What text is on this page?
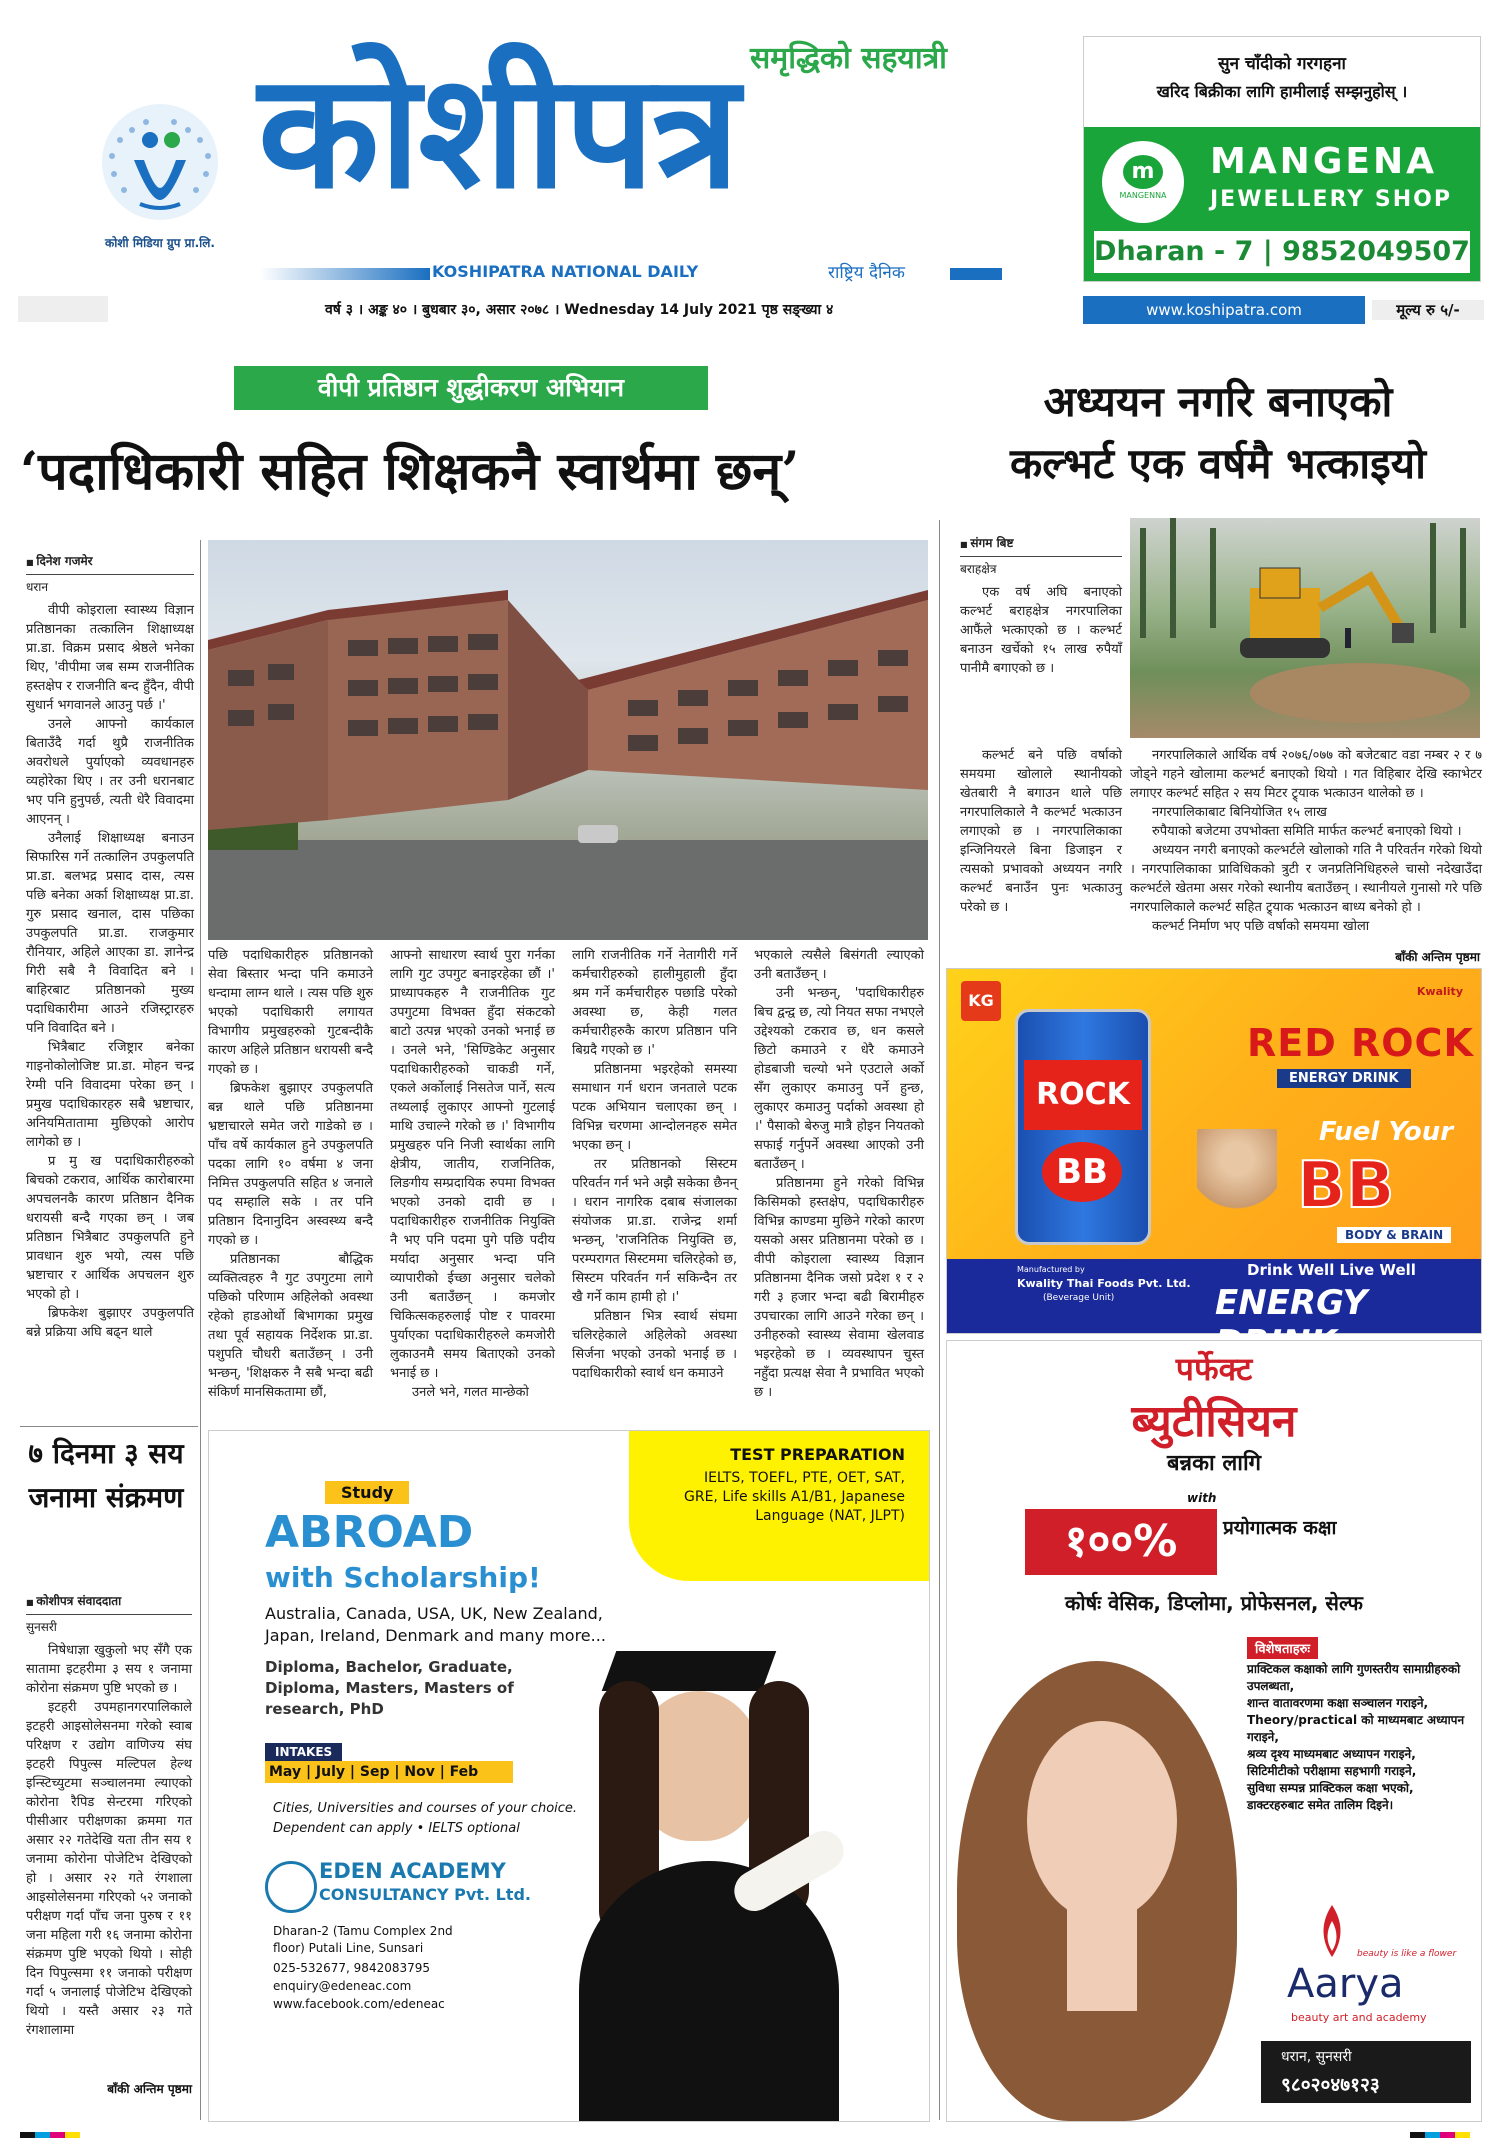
कोशी मिडिया ग्रुप प्रा.लि.
समृद्धिको सहयात्री
कोशीपत्र
KOSHIPATRA NATIONAL DAILY	राष्ट्रिय दैनिक
सुन चाँदीको गरगहना
खरिद बिक्रीका लागि हामीलाई सम्झनुहोस् ।
m
MANGENNA
MANGENA
JEWELLERY SHOP
Dharan - 7 | 9852049507
वर्ष ३ । अङ्क ४० । बुधबार ३०, असार २०७८ । Wednesday 14 July 2021 पृष्ठ सङ्ख्या ४	www.koshipatra.com	मूल्य रु ५/-
वीपी प्रतिष्ठान शुद्धीकरण अभियान
‘पदाधिकारी सहित शिक्षकनै स्वार्थमा छन्’
■ दिनेश गजमेर
धरान

वीपी कोइराला स्वास्थ्य विज्ञान प्रतिष्ठानका तत्कालिन शिक्षाध्यक्ष प्रा.डा. विक्रम प्रसाद श्रेष्ठले भनेका थिए, 'वीपीमा जब सम्म राजनीतिक हस्तक्षेप र राजनीति बन्द हुँदैन, वीपी सुधार्न भगवानले आउनु पर्छ ।'

उनले आफ्नो कार्यकाल बिताउँदै गर्दा थुप्रै राजनीतिक अवरोधले पुर्याएको व्यवधानहरु व्यहोरेका थिए । तर उनी धरानबाट भए पनि हुनुपर्छ, त्यती धेरै विवादमा आएनन् ।

उनैलाई शिक्षाध्यक्ष बनाउन सिफारिस गर्ने तत्कालिन उपकुलपति प्रा.डा. बलभद्र प्रसाद दास, त्यस पछि बनेका अर्का शिक्षाध्यक्ष प्रा.डा. गुरु प्रसाद खनाल, दास पछिका उपकुलपति प्रा.डा. राजकुमार रौनियार, अहिले आएका डा. ज्ञानेन्द्र गिरी सबै नै विवादित बने । बाहिरबाट प्रतिष्ठानको मुख्य पदाधिकारीमा आउने रजिस्ट्रारहरु पनि विवादित बने ।

भित्रैबाट रजिष्ट्रार बनेका गाइनोकोलोजिष्ट प्रा.डा. मोहन चन्द्र रेग्मी पनि विवादमा परेका छन् । प्रमुख पदाधिकारहरु सबै भ्रष्टाचार, अनियमितातामा मुछिएको आरोप लागेको छ ।

प्र मु ख पदाधिकारीहरुको बिचको टकराव, आर्थिक कारोबारमा अपचलनकै कारण प्रतिष्ठान दैनिक धरायसी बन्दै गएका छन् । जब प्रतिष्ठान भित्रैबाट उपकुलपति हुने प्रावधान शुरु भयो, त्यस पछि भ्रष्टाचार र आर्थिक अपचलन शुरु भएको हो ।

ब्रिफकेश बुझाएर उपकुलपति बन्ने प्रक्रिया अघि बढ्न थाले

पछि पदाधिकारीहरु प्रतिष्ठानको सेवा बिस्तार भन्दा पनि कमाउने धन्दामा लाग्न थाले । त्यस पछि शुरु भएको पदाधिकारी लगायत विभागीय प्रमुखहरुको गुटबन्दीकै कारण अहिले प्रतिष्ठान धरायसी बन्दै गएको छ ।

ब्रिफकेश बुझाएर उपकुलपति बन्न थाले पछि प्रतिष्ठानमा भ्रष्टाचारले समेत जरो गाडेको छ । पाँच वर्षे कार्यकाल हुने उपकुलपति पदका लागि १० वर्षमा ४ जना निमित्त उपकुलपति सहित ४ जनाले पद सम्हालि सके । तर पनि प्रतिष्ठान दिनानुदिन अस्वस्थ्य बन्दै गएको छ ।

प्रतिष्ठानका बौद्धिक व्यक्तित्वहरु नै गुट उपगुटमा लागे पछिको परिणाम अहिलेको अवस्था रहेको हाडओर्थो बिभागका प्रमुख तथा पूर्व सहायक निर्देशक प्रा.डा. पशुपति चौधरी बताउँछन् । उनी भन्छन्, 'शिक्षकरु नै सबै भन्दा बढी संकिर्ण मानसिकतामा छौं,

आफ्नो साधारण स्वार्थ पुरा गर्नका लागि गुट उपगुट बनाइरहेका छौं ।' प्राध्यापकहरु नै राजनीतिक गुट उपगुटमा विभक्त हुँदा संकटको बाटो उत्पन्न भएको उनको भनाई छ । उनले भने, 'सिण्डिकेट अनुसार पदाधिकारीहरुको चाकडी गर्ने, एकले अर्कोलाई निसतेज पार्ने, सत्य तथ्यलाई लुकाएर आफ्नो गुटलाई माथि उचाल्ने गरेको छ ।' विभागीय प्रमुखहरु पनि निजी स्वार्थका लागि क्षेत्रीय, जातीय, राजनितिक, लिङगीय सम्प्रदायिक रुपमा विभक्त भएको उनको दावी छ । पदाधिकारीहरु राजनीतिक नियुक्ति नै भए पनि पदमा पुगे पछि पदीय मर्यादा अनुसार भन्दा पनि व्यापारीको ईच्छा अनुसार चलेको उनी बताउँछन् । कमजोर चिकित्सकहरुलाई पोष्ट र पावरमा पुर्याएका पदाधिकारीहरुले कमजोरी लुकाउनमै समय बिताएको उनको भनाई छ ।

उनले भने, गलत मान्छेको

लागि राजनीतिक गर्ने नेतागीरी गर्ने कर्मचारीहरुको हालीमुहाली हुँदा श्रम गर्ने कर्मचारीहरु पछाडि परेको अवस्था छ, केही गलत कर्मचारीहरुकै कारण प्रतिष्ठान पनि बिग्रदै गएको छ ।'

प्रतिष्ठानमा भइरहेको समस्या समाधान गर्न धरान जनताले पटक पटक अभियान चलाएका छन् । विभिन्न चरणमा आन्दोलनहरु समेत भएका छन् ।

तर प्रतिष्ठानको सिस्टम परिवर्तन गर्न भने अझै सकेका छैनन् । धरान नागरिक दबाब संजालका संयोजक प्रा.डा. राजेन्द्र शर्मा भन्छन्, 'राजनितिक नियुक्ति छ, परम्परागत सिस्टममा चलिरहेको छ, सिस्टम परिवर्तन गर्न सकिन्दैन तर खै गर्ने काम हामी हो ।'

प्रतिष्ठान भित्र स्वार्थ संघमा चलिरहेकाले अहिलेको अवस्था सिर्जना भएको उनको भनाई छ । पदाधिकारीको स्वार्थ धन कमाउने

भएकाले त्यसैले बिसंगती ल्याएको उनी बताउँछन् ।

उनी भन्छन्, 'पदाधिकारीहरु बिच द्वन्द्व छ, त्यो नियत सफा नभएले उद्देश्यको टकराव छ, धन कसले छिटो कमाउने र धेरै कमाउने होडबाजी चल्यो भने एउटाले अर्को सँग लुकाएर कमाउनु पर्ने हुन्छ, लुकाएर कमाउनु पर्दाको अवस्था हो ।' पैसाको बेरुजु मात्रै होइन नियतको सफाई गर्नुपर्ने अवस्था आएको उनी बताउँछन् ।

प्रतिष्ठानमा हुने गरेको विभिन्न किसिमको हस्तक्षेप, पदाधिकारीहरु विभिन्न काण्डमा मुछिने गरेको कारण यसको असर प्रतिष्ठानमा परेको छ । वीपी कोइराला स्वास्थ्य विज्ञान प्रतिष्ठानमा दैनिक जसो प्रदेश १ र २ गरी ३ हजार भन्दा बढी बिरामीहरु उपचारका लागि आउने गरेका छन् । उनीहरुको स्वास्थ्य सेवामा खेलवाड भइरहेको छ । व्यवस्थापन चुस्त नहुँदा प्रत्यक्ष सेवा नै प्रभावित भएको छ ।

अध्ययन नगरि बनाएको
कल्भर्ट एक वर्षमै भत्काइयो
■ संगम बिष्ट
बराहक्षेत्र

एक वर्ष अघि बनाएको कल्भर्ट बराहक्षेत्र नगरपालिका आफैंले भत्काएको छ । कल्भर्ट बनाउन खर्चेको १५ लाख रुपैयाँ पानीमै बगाएको छ ।

कल्भर्ट बने पछि वर्षाको समयमा खोलाले स्थानीयको खेतबारी नै बगाउन थाले पछि नगरपालिकाले नै कल्भर्ट भत्काउन लगाएको छ । नगरपालिकाका इन्जिनियरले बिना डिजाइन र त्यसको प्रभावको अध्ययन नगरि कल्भर्ट बनाउँन पुनः भत्काउनु परेको छ ।

नगरपालिकाले आर्थिक वर्ष २०७६/०७७ को बजेटबाट वडा नम्बर २ र ७ जोड्ने गहने खोलामा कल्भर्ट बनाएको थियो । गत विहिबार देखि स्काभेटर लगाएर कल्भर्ट सहित २ सय मिटर ट्र्याक भत्काउन थालेको छ ।

नगरपालिकाबाट बिनियोजित १५ लाख

रुपैयाको बजेटमा उपभोक्ता समिति मार्फत कल्भर्ट बनाएको थियो ।

अध्ययन नगरी बनाएको कल्भर्टले खोलाको गति नै परिवर्तन गरेको थियो । नगरपालिकाका प्राविधिकको त्रुटी र जनप्रतिनिधिहरुले चासो नदेखाउँदा कल्भर्टले खेतमा असर गरेको स्थानीय बताउँछन् । स्थानीयले गुनासो गरे पछि नगरपालिकाले कल्भर्ट सहित ट्र्याक भत्काउन बाध्य बनेको हो ।

कल्भर्ट निर्माण भए पछि वर्षाको समयमा खोला

बाँकी अन्तिम पृष्ठमा
KG	Kwality
ROCK
BB
RED ROCK
ENERGY DRINK
Fuel Your
BB
BODY & BRAIN
Manufactured by
Kwality Thai Foods Pvt. Ltd.
(Beverage Unit)
Drink Well Live Well
ENERGY
७ दिनमा ३ सय जनामा संक्रमण
■ कोशीपत्र संवाददाता
सुनसरी

निषेधाज्ञा खुकुलो भए सँगै एक सातामा इटहरीमा ३ सय १ जनामा कोरोना संक्रमण पुष्टि भएको छ ।

इटहरी उपमहानगरपालिकाले इटहरी आइसोलेसनमा गरेको स्वाब परिक्षण र उद्योग वाणिज्य संघ इटहरी पिपुल्स मल्टिपल हेल्थ इन्स्टिच्युटमा सञ्चालनमा ल्याएको कोरोना रैपिड सेन्टरमा गरिएको पीसीआर परीक्षणका क्रममा गत असार २२ गतेदेखि यता तीन सय १ जनामा कोरोना पोजेटिभ देखिएको हो । असार २२ गते रंगशाला आइसोलेसनमा गरिएको ५२ जनाको परीक्षण गर्दा पाँच जना पुरुष र ११ जना महिला गरी १६ जनामा कोरोना संक्रमण पुष्टि भएको थियो । सोही दिन पिपुल्समा ११ जनाको परीक्षण गर्दा ५ जनालाई पोजेटिभ देखिएको थियो । यस्तै असार २३ गते रंगशालामा

बाँकी अन्तिम पृष्ठमा
TEST PREPARATION
IELTS, TOEFL, PTE, OET, SAT, GRE, Life skills A1/B1, Japanese Language (NAT, JLPT)
Study
ABROAD
with Scholarship!
Australia, Canada, USA, UK, New Zealand, Japan, Ireland, Denmark and many more...
Diploma, Bachelor, Graduate, Diploma, Masters, Masters of research, PhD
INTAKES
May | July | Sep | Nov | Feb
Cities, Universities and courses of your choice.
Dependent can apply • IELTS optional
EDEN ACADEMY
CONSULTANCY Pvt. Ltd.
Dharan-2 (Tamu Complex 2nd floor) Putali Line, Sunsari
025-532677, 9842083795
enquiry@edeneac.com
www.facebook.com/edeneac
पर्फेक्ट
ब्युटीसियन
बन्नका लागि
with
१००%	प्रयोगात्मक कक्षा
कोर्षः वेसिक, डिप्लोमा, प्रोफेसनल, सेल्फ
विशेषताहरुः
प्राक्टिकल कक्षाको लागि गुणस्तरीय सामाग्रीहरुको उपलब्धता,
शान्त वातावरणमा कक्षा सञ्चालन गराइने,
Theory/practical को माध्यमबाट अध्यापन गराइने,
श्रव्य दृश्य माध्यमबाट अध्यापन गराइने,
सिटिमीटीको परीक्षामा सहभागी गराइने,
सुविधा सम्पन्न प्राक्टिकल कक्षा भएको,
डाक्टरहरुबाट समेत तालिम दिइने।
beauty is like a flower
Aarya
beauty art and academy
धरान, सुनसरी
९८०२०४७१२३
